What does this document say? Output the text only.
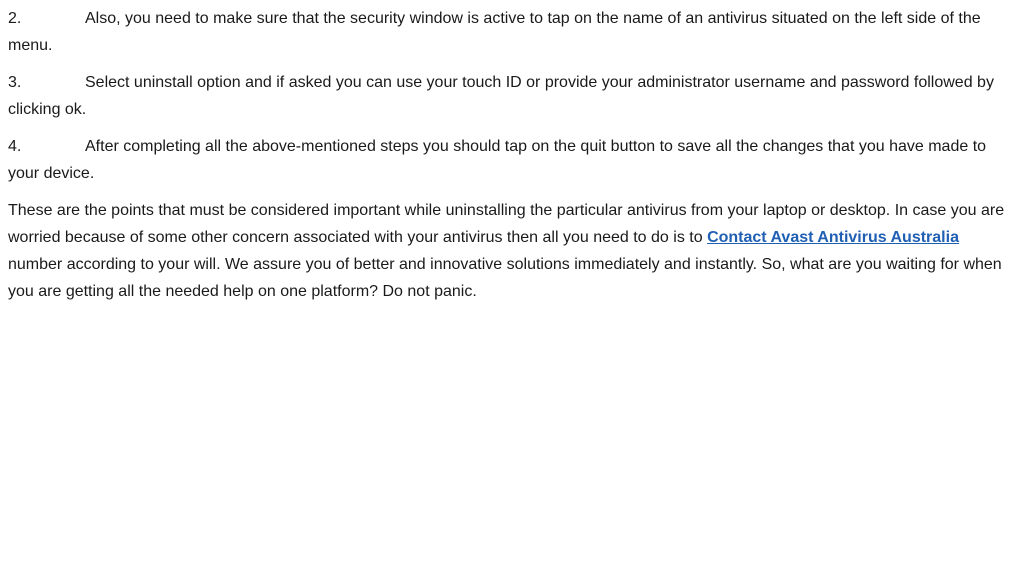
2.	Also, you need to make sure that the security window is active to tap on the name of an antivirus situated on the left side of the menu.

3.	Select uninstall option and if asked you can use your touch ID or provide your administrator username and password followed by clicking ok.

4.	After completing all the above-mentioned steps you should tap on the quit button to save all the changes that you have made to your device.

These are the points that must be considered important while uninstalling the particular antivirus from your laptop or desktop. In case you are worried because of some other concern associated with your antivirus then all you need to do is to Contact Avast Antivirus Australia number according to your will. We assure you of better and innovative solutions immediately and instantly. So, what are you waiting for when you are getting all the needed help on one platform? Do not panic.
